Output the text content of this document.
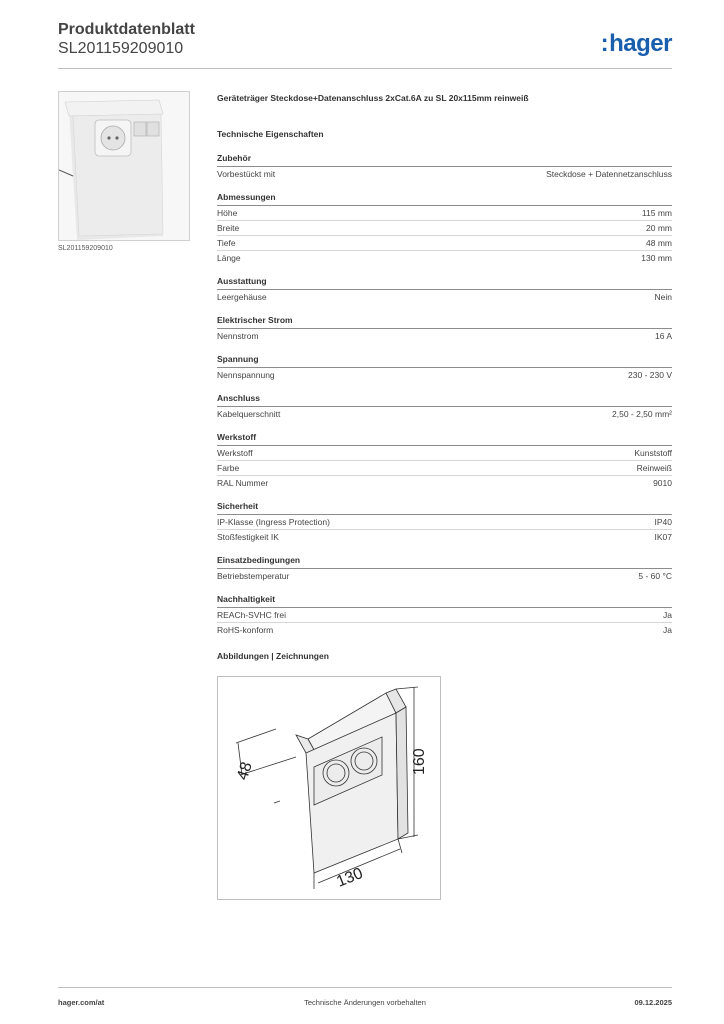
Produktdatenblatt
SL201159209010	:hager
SL201159209010
Geräteträger Steckdose+Datenanschluss 2xCat.6A zu SL 20x115mm reinweiß
Technische Eigenschaften
Zubehör
Vorbestückt mit	Steckdose + Datennetzanschluss
Abmessungen
Höhe	115 mm
Breite	20 mm
Tiefe	48 mm
Länge	130 mm
Ausstattung
Leergehäuse	Nein
Elektrischer Strom
Nennstrom	16 A
Spannung
Nennspannung	230 - 230 V
Anschluss
Kabelquerschnitt	2,50 - 2,50 mm²
Werkstoff
Werkstoff	Kunststoff
Farbe	Reinweiß
RAL Nummer	9010
Sicherheit
IP-Klasse (Ingress Protection)	IP40
Stoßfestigkeit IK	IK07
Einsatzbedingungen
Betriebstemperatur	5 - 60 °C
Nachhaltigkeit
REACh-SVHC frei	Ja
RoHS-konform	Ja
Abbildungen | Zeichnungen
48	160
130
hager.com/at	Technische Änderungen vorbehalten	09.12.2025
